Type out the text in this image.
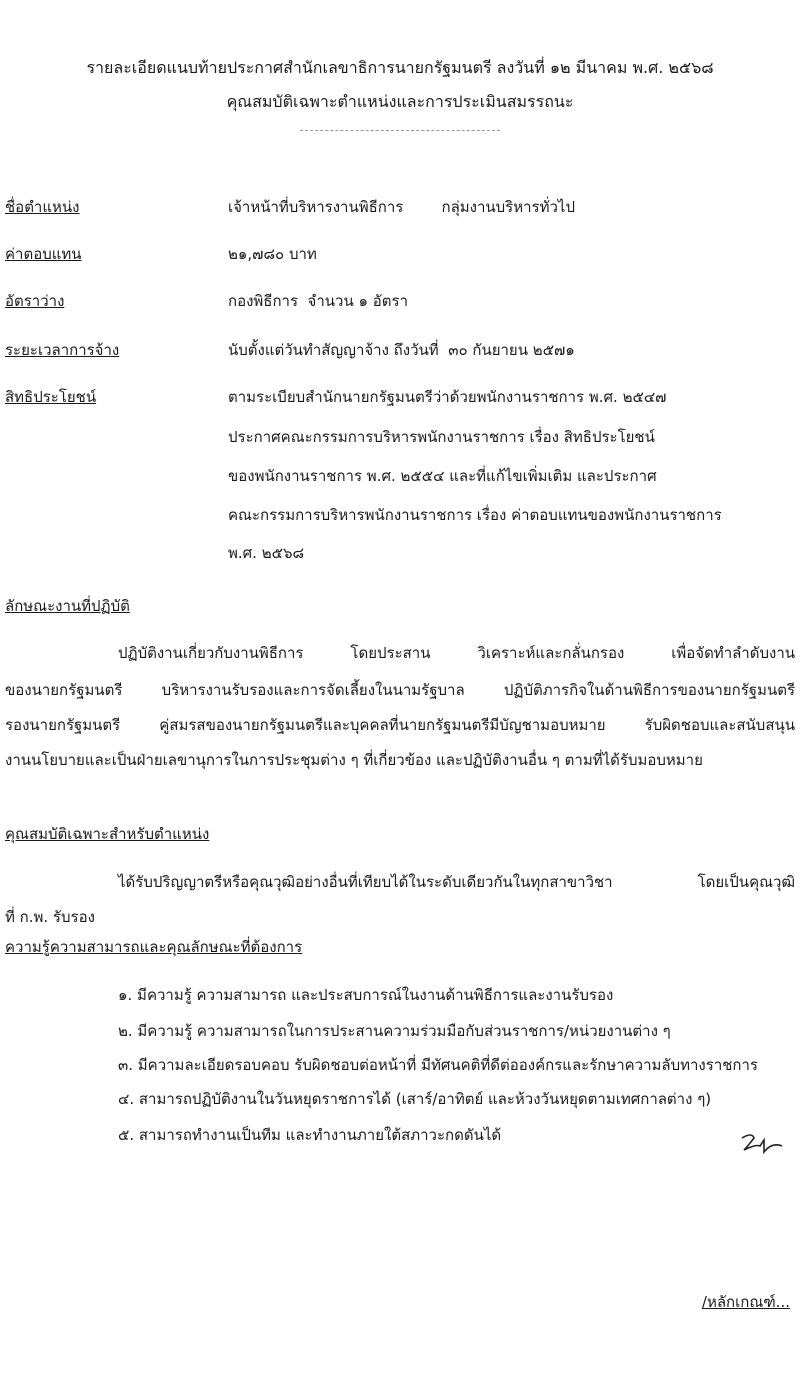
รายละเอียดแนบท้ายประกาศสำนักเลขาธิการนายกรัฐมนตรี ลงวันที่ ๑๒ มีนาคม พ.ศ. ๒๕๖๘
คุณสมบัติเฉพาะตำแหน่งและการประเมินสมรรถนะ
ชื่อตำแหน่ง	เจ้าหน้าที่บริหารงานพิธีการ        กลุ่มงานบริหารทั่วไป
ค่าตอบแทน	๒๑,๗๘๐ บาท
อัตราว่าง	กองพิธีการ  จำนวน ๑ อัตรา
ระยะเวลาการจ้าง	นับตั้งแต่วันทำสัญญาจ้าง ถึงวันที่  ๓๐ กันยายน ๒๕๗๑
สิทธิประโยชน์	ตามระเบียบสำนักนายกรัฐมนตรีว่าด้วยพนักงานราชการ พ.ศ. ๒๕๔๗
ประกาศคณะกรรมการบริหารพนักงานราชการ เรื่อง สิทธิประโยชน์
ของพนักงานราชการ พ.ศ. ๒๕๕๔ และที่แก้ไขเพิ่มเติม และประกาศ
คณะกรรมการบริหารพนักงานราชการ เรื่อง ค่าตอบแทนของพนักงานราชการ
พ.ศ. ๒๕๖๘
ลักษณะงานที่ปฏิบัติ
ปฏิบัติงานเกี่ยวกับงานพิธีการ โดยประสาน วิเคราะห์และกลั่นกรอง เพื่อจัดทำลำดับงาน
ของนายกรัฐมนตรี บริหารงานรับรองและการจัดเลี้ยงในนามรัฐบาล ปฏิบัติภารกิจในด้านพิธีการของนายกรัฐมนตรี
รองนายกรัฐมนตรี คู่สมรสของนายกรัฐมนตรีและบุคคลที่นายกรัฐมนตรีมีบัญชามอบหมาย รับผิดชอบและสนับสนุน
งานนโยบายและเป็นฝ่ายเลขานุการในการประชุมต่าง ๆ ที่เกี่ยวข้อง และปฏิบัติงานอื่น ๆ ตามที่ได้รับมอบหมาย
คุณสมบัติเฉพาะสำหรับตำแหน่ง
ได้รับปริญญาตรีหรือคุณวุฒิอย่างอื่นที่เทียบได้ในระดับเดียวกันในทุกสาขาวิชา โดยเป็นคุณวุฒิ
ที่ ก.พ. รับรอง
ความรู้ความสามารถและคุณลักษณะที่ต้องการ
๑. มีความรู้ ความสามารถ และประสบการณ์ในงานด้านพิธีการและงานรับรอง
๒. มีความรู้ ความสามารถในการประสานความร่วมมือกับส่วนราชการ/หน่วยงานต่าง ๆ
๓. มีความละเอียดรอบคอบ รับผิดชอบต่อหน้าที่ มีทัศนคติที่ดีต่อองค์กรและรักษาความลับทางราชการ
๔. สามารถปฏิบัติงานในวันหยุดราชการได้ (เสาร์/อาทิตย์ และห้วงวันหยุดตามเทศกาลต่าง ๆ)
๕. สามารถทำงานเป็นทีม และทำงานภายใต้สภาวะกดดันได้
/หลักเกณฑ์...
